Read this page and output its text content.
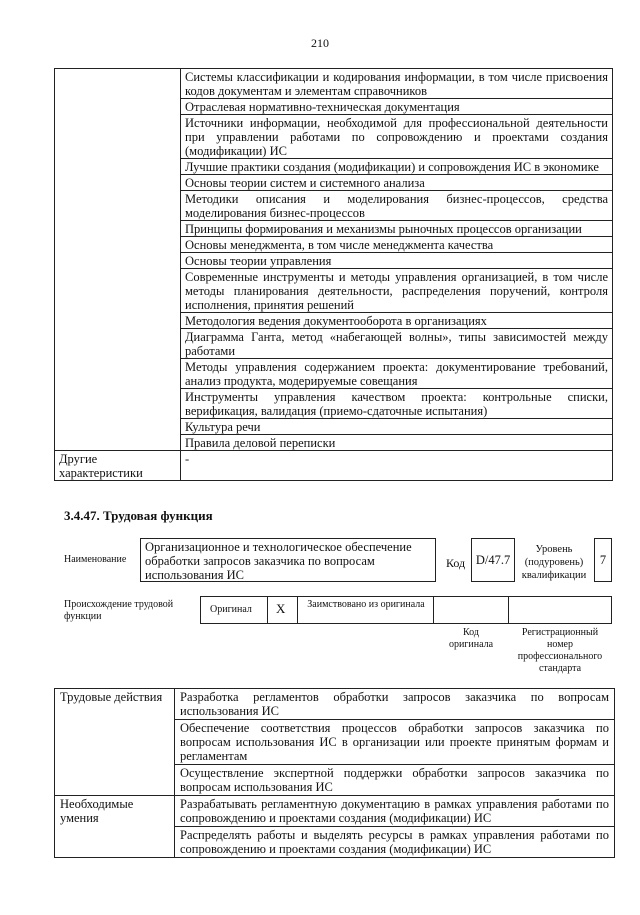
210
	Системы классификации и кодирования информации, в том числе присвоения кодов документам и элементам справочников
	Отраслевая нормативно-техническая документация
	Источники информации, необходимой для профессиональной деятельности при управлении работами по сопровождению и проектами создания (модификации) ИС
	Лучшие практики создания (модификации) и сопровождения ИС в экономике
	Основы теории систем и системного анализа
	Методики описания и моделирования бизнес-процессов, средства моделирования бизнес-процессов
	Принципы формирования и механизмы рыночных процессов организации
	Основы менеджмента, в том числе менеджмента качества
	Основы теории управления
	Современные инструменты и методы управления организацией, в том числе методы планирования деятельности, распределения поручений, контроля исполнения, принятия решений
	Методология ведения документооборота в организациях
	Диаграмма Ганта, метод «набегающей волны», типы зависимостей между работами
	Методы управления содержанием проекта: документирование требований, анализ продукта, модерируемые совещания
	Инструменты управления качеством проекта: контрольные списки, верификация, валидация (приемо-сдаточные испытания)
	Культура речи
	Правила деловой переписки
Другие характеристики	-
3.4.47. Трудовая функция
Наименование
Организационное и технологическое обеспечение обработки запросов заказчика по вопросам использования ИС
Код D/47.7
Уровень (подуровень) квалификации
7
Происхождение трудовой функции
Оригинал X Заимствовано из оригинала
Код оригинала
Регистрационный номер профессионального стандарта
Трудовые действия	Разработка регламентов обработки запросов заказчика по вопросам использования ИС
	Обеспечение соответствия процессов обработки запросов заказчика по вопросам использования ИС в организации или проекте принятым формам и регламентам
	Осуществление экспертной поддержки обработки запросов заказчика по вопросам использования ИС
Необходимые умения	Разрабатывать регламентную документацию в рамках управления работами по сопровождению и проектами создания (модификации) ИС
	Распределять работы и выделять ресурсы в рамках управления работами по сопровождению и проектами создания (модификации) ИС
